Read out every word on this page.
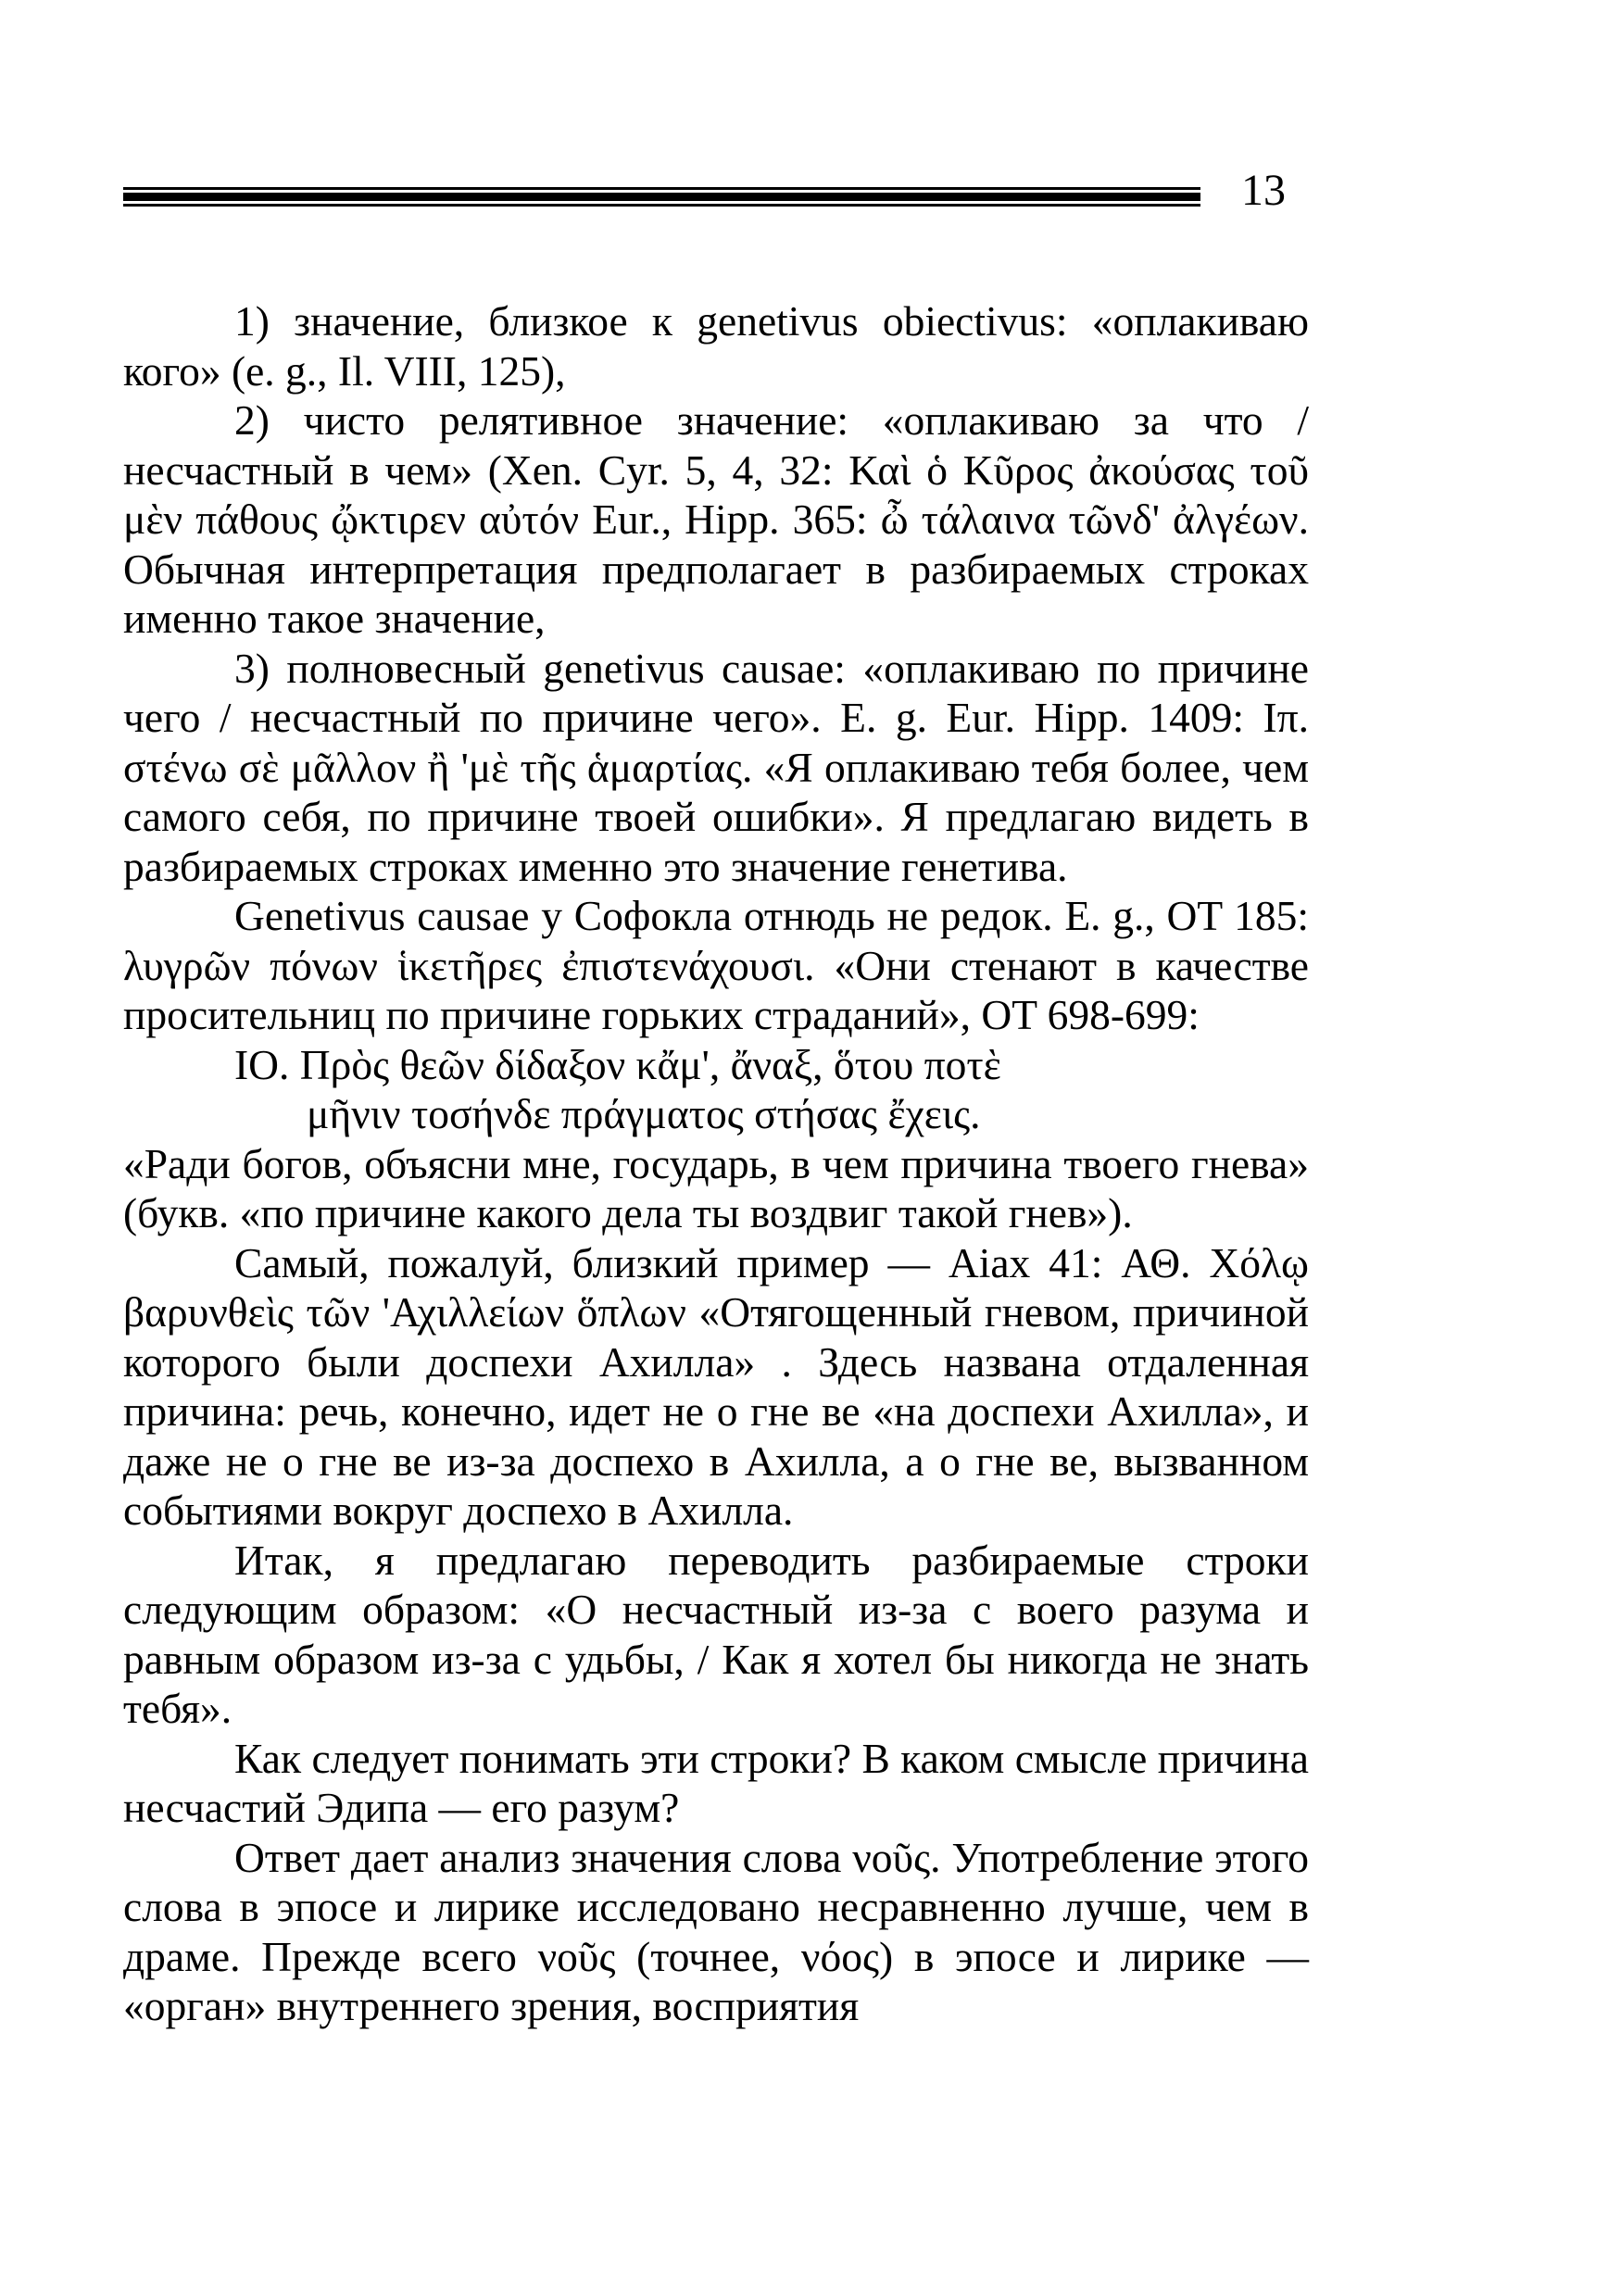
13

1) значение, близкое к genetivus obiectivus: «оплакиваю кого» (e. g., Il. VIII, 125),

2) чисто релятивное значение: «оплакиваю за что / несчастный в чем» (Xen. Cyr. 5, 4, 32: Καὶ ὁ Κῦρος ἀκούσας τοῦ μὲν πάθους ᾤκτιρεν αὐτόν Eur., Hipp. 365: ὦ τάλαινα τῶνδ' ἀλγέων. Обычная интерпретация предполагает в разбираемых строках именно такое значение,

3) полновесный genetivus causae: «оплакиваю по причине чего / несчастный по причине чего». E. g. Eur. Hipp. 1409: Ιπ. στένω σὲ μᾶλλον ἢ 'μὲ τῆς ἁμαρτίας. «Я оплакиваю тебя более, чем самого себя, по причине твоей ошибки». Я предлагаю видеть в разбираемых строках именно это значение генетива.

Genetivus causae у Софокла отнюдь не редок. E. g., OT 185: λυγρῶν πόνων ἱκετῆρες ἐπιστενάχουσι. «Они стенают в качестве просительниц по причине горьких страданий», OT 698-699:

ΙΟ. Πρὸς θεῶν δίδαξον κἄμ', ἄναξ, ὅτου ποτὲ
μῆνιν τοσήνδε πράγματος στήσας ἔχεις.

«Ради богов, объясни мне, государь, в чем причина твоего гнева» (букв. «по причине какого дела ты воздвиг такой гнев»).

Самый, пожалуй, близкий пример — Aiax 41: ΑΘ. Χόλῳ βαρυνθεὶς τῶν 'Αχιλλείων ὅπλων «Отягощенный гневом, причиной которого были доспехи Ахилла» . Здесь названа отдаленная причина: речь, конечно, идет не о гне ве «на доспехи Ахилла», и даже не о гне ве из-за доспехо в Ахилла, а о гне ве, вызванном событиями вокруг доспехо в Ахилла.

Итак, я предлагаю переводить разбираемые строки следующим образом: «О несчастный из-за с воего разума и равным образом из-за с удьбы, / Как я хотел бы никогда не знать тебя».

Как следует понимать эти строки? В каком смысле причина несчастий Эдипа — его разум?

Ответ дает анализ значения слова νοῦς. Употребление этого слова в эпосе и лирике исследовано несравненно лучше, чем в драме. Прежде всего νοῦς (точнее, νόος) в эпосе и лирике — «орган» внутреннего зрения, восприятия
